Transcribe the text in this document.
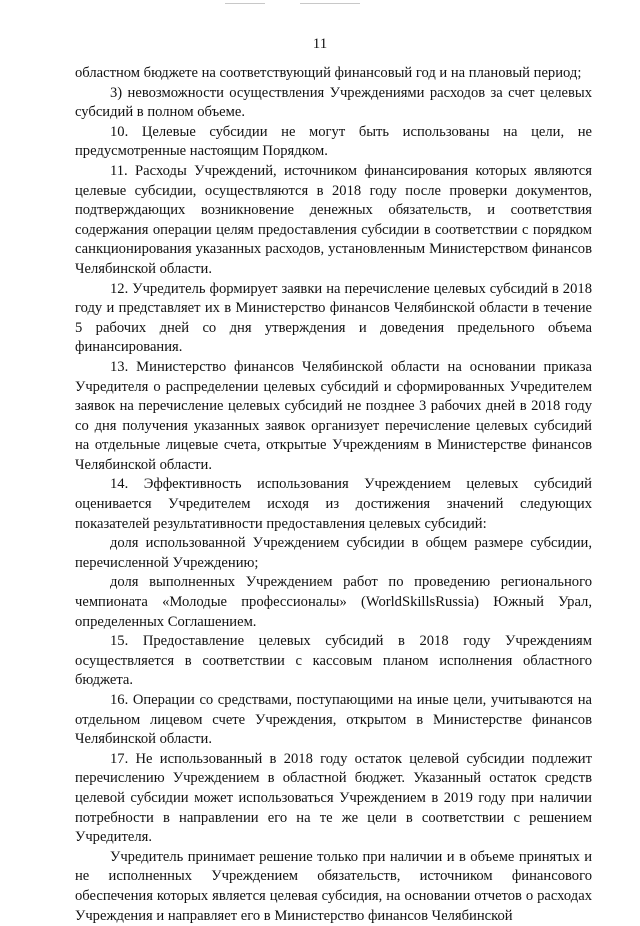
11

областном бюджете на соответствующий финансовый год и на плановый период;

3) невозможности осуществления Учреждениями расходов за счет целевых субсидий в полном объеме.

10. Целевые субсидии не могут быть использованы на цели, не предусмотренные настоящим Порядком.

11. Расходы Учреждений, источником финансирования которых являются целевые субсидии, осуществляются в 2018 году после проверки документов, подтверждающих возникновение денежных обязательств, и соответствия содержания операции целям предоставления субсидии в соответствии с порядком санкционирования указанных расходов, установленным Министерством финансов Челябинской области.

12. Учредитель формирует заявки на перечисление целевых субсидий в 2018 году и представляет их в Министерство финансов Челябинской области в течение 5 рабочих дней со дня утверждения и доведения предельного объема финансирования.

13. Министерство финансов Челябинской области на основании приказа Учредителя о распределении целевых субсидий и сформированных Учредителем заявок на перечисление целевых субсидий не позднее 3 рабочих дней в 2018 году со дня получения указанных заявок организует перечисление целевых субсидий на отдельные лицевые счета, открытые Учреждениям в Министерстве финансов Челябинской области.

14. Эффективность использования Учреждением целевых субсидий оценивается Учредителем исходя из достижения значений следующих показателей результативности предоставления целевых субсидий:

доля использованной Учреждением субсидии в общем размере субсидии, перечисленной Учреждению;

доля выполненных Учреждением работ по проведению регионального чемпионата «Молодые профессионалы» (WorldSkillsRussia) Южный Урал, определенных Соглашением.

15. Предоставление целевых субсидий в 2018 году Учреждениям осуществляется в соответствии с кассовым планом исполнения областного бюджета.

16. Операции со средствами, поступающими на иные цели, учитываются на отдельном лицевом счете Учреждения, открытом в Министерстве финансов Челябинской области.

17. Не использованный в 2018 году остаток целевой субсидии подлежит перечислению Учреждением в областной бюджет. Указанный остаток средств целевой субсидии может использоваться Учреждением в 2019 году при наличии потребности в направлении его на те же цели в соответствии с решением Учредителя.

Учредитель принимает решение только при наличии и в объеме принятых и не исполненных Учреждением обязательств, источником финансового обеспечения которых является целевая субсидия, на основании отчетов о расходах Учреждения и направляет его в Министерство финансов Челябинской
